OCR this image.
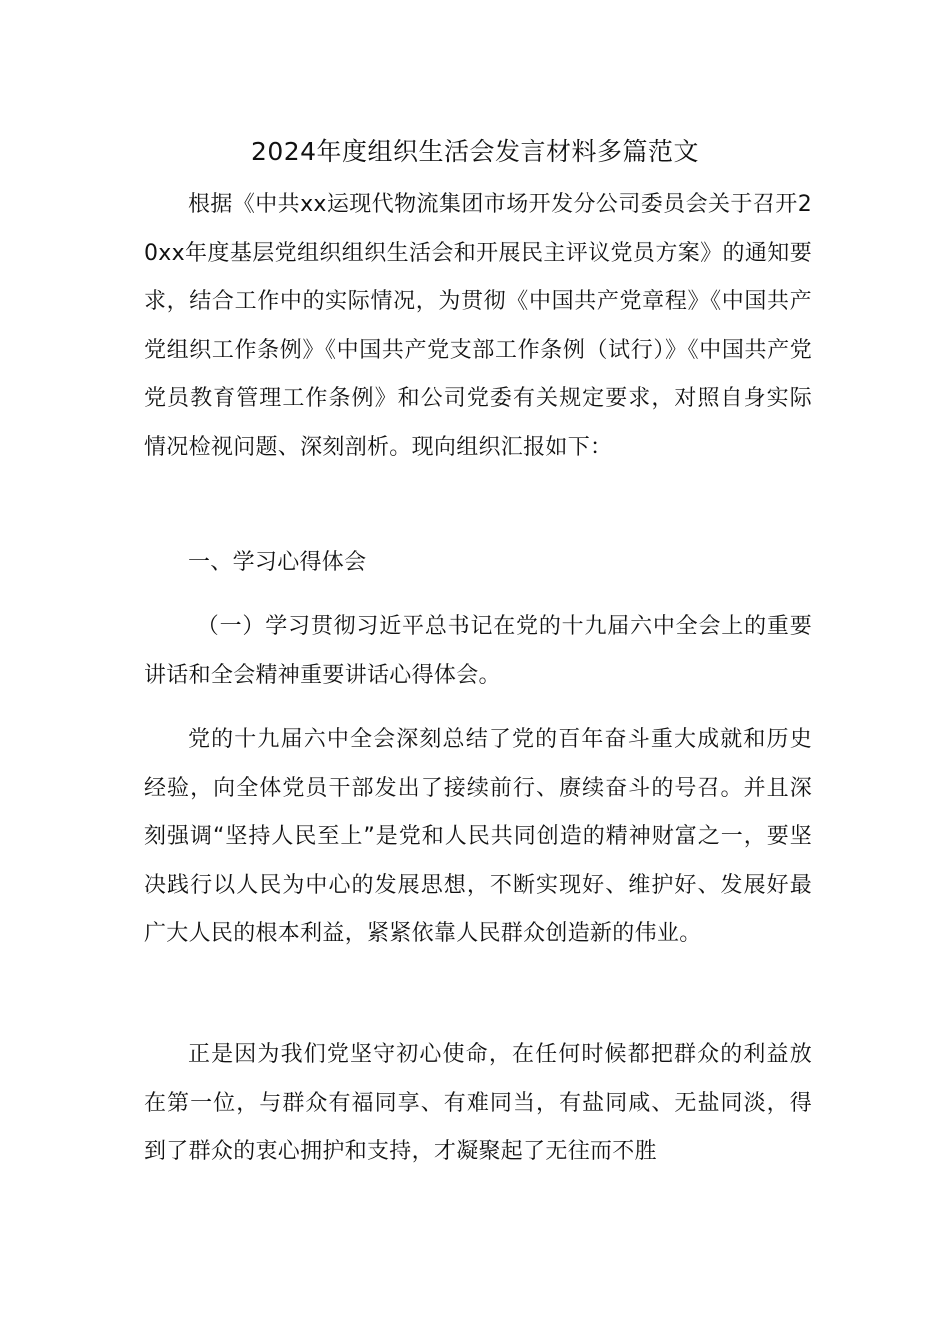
2024年度组织生活会发言材料多篇范文

根据《中共xx运现代物流集团市场开发分公司委员会关于召开20xx年度基层党组织组织生活会和开展民主评议党员方案》的通知要求，结合工作中的实际情况，为贯彻《中国共产党章程》《中国共产党组织工作条例》《中国共产党支部工作条例（试行）》《中国共产党党员教育管理工作条例》和公司党委有关规定要求，对照自身实际情况检视问题、深刻剖析。现向组织汇报如下：

一、学习心得体会

（一）学习贯彻习近平总书记在党的十九届六中全会上的重要讲话和全会精神重要讲话心得体会。

党的十九届六中全会深刻总结了党的百年奋斗重大成就和历史经验，向全体党员干部发出了接续前行、赓续奋斗的号召。并且深刻强调“坚持人民至上”是党和人民共同创造的精神财富之一，要坚决践行以人民为中心的发展思想，不断实现好、维护好、发展好最广大人民的根本利益，紧紧依靠人民群众创造新的伟业。

正是因为我们党坚守初心使命，在任何时候都把群众的利益放在第一位，与群众有福同享、有难同当，有盐同咸、无盐同淡，得到了群众的衷心拥护和支持，才凝聚起了无往而不胜
